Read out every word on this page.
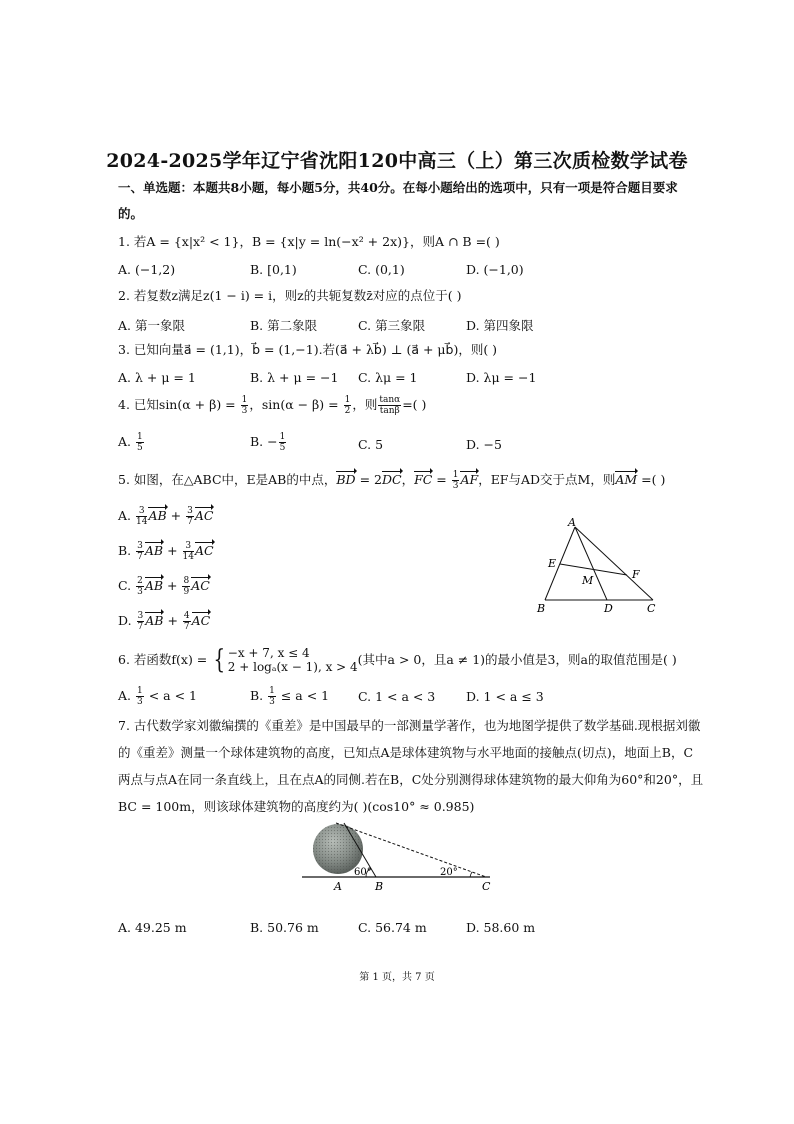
2024-2025学年辽宁省沈阳120中高三（上）第三次质检数学试卷
一、单选题：本题共8小题，每小题5分，共40分。在每小题给出的选项中，只有一项是符合题目要求
的。
1. 若A = {x|x² < 1}，B = {x|y = ln(−x² + 2x)}，则A ∩ B =( )
A. (−1,2)	B. [0,1)	C. (0,1)	D. (−1,0)
2. 若复数z满足z(1 − i) = i，则z的共轭复数z̄对应的点位于( )
A. 第一象限	B. 第二象限	C. 第三象限	D. 第四象限
3. 已知向量a⃗ = (1,1)，b⃗ = (1,−1).若(a⃗ + λb⃗) ⊥ (a⃗ + μb⃗)，则( )
A. λ + μ = 1	B. λ + μ = −1 C. λμ = 1	D. λμ = −1
4. 已知$\sin(\alpha + \beta) = \frac{1}{3}$ ，$\sin(\alpha - \beta) = \frac{1}{2}$ ，则 $\frac{\tan\alpha}{\tan\beta}$ =( )
A. $\frac{1}{5}$	B. − $\frac{1}{5}$	C. 5	D. −5
5. 如图，在△ABC中，E是AB的中点，BD = 2DC，FC = $\frac{1}{3}$ AF，EF与AD交于点M，则AM =( )
A. $\frac{3}{14}$ AB + $\frac{3}{7}$ AC
B. $\frac{3}{7}$ AB + $\frac{3}{14}$ AC
C. $\frac{2}{3}$ AB + $\frac{8}{9}$ AC
D. $\frac{3}{7}$ AB + $\frac{4}{7}$ AC
A
B	C
D
E
F
M
6. 若函数f(x) = { −x + 7, x ≤ 4
2 + logₐ(x − 1), x > 4 (其中a > 0，且a ≠ 1)的最小值是3，则a的取值范围是( )
A. $\frac{1}{3} < a < 1$	B. $\frac{1}{3} \le a < 1$ C. 1 < a < 3 D. 1 < a ≤ 3
7. 古代数学家刘徽编撰的《重差》是中国最早的一部测量学著作，也为地图学提供了数学基础.现根据刘徽
的《重差》测量一个球体建筑物的高度，已知点A是球体建筑物与水平地面的接触点(切点)，地面上B，C
两点与点A在同一条直线上，且在点A的同侧.若在B，C处分别测得球体建筑物的最大仰角为60°和20°，且
BC = 100m，则该球体建筑物的高度约为( )(cos10° ≈ 0.985)
A	B	C
60°	20°
A. 49.25 m	B. 50.76 m	C. 56.74 m	D. 58.60 m
第 1 页，共 7 页
